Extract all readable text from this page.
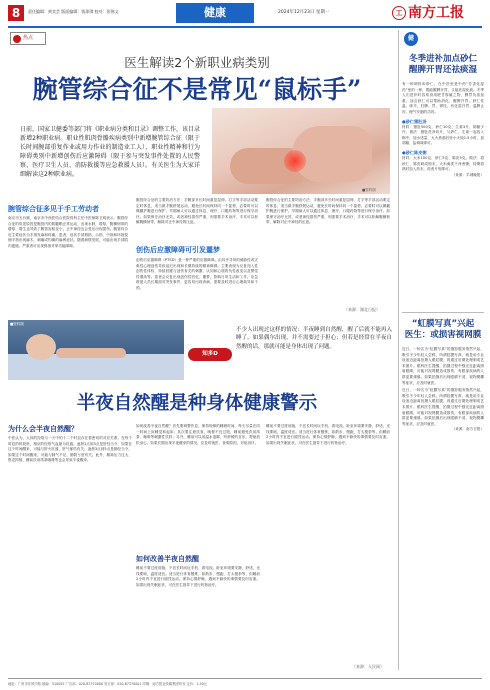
8	责任编辑：黄宾芸 版面编辑：钱琼琪 校对：张锦文	健康	2024年12月23日 星期一	工 南方工报
热点
医生解读2个新职业病类别
腕管综合征不是常见“鼠标手”
日前，国家卫健委等部门将《职业病分类和目录》调整工作，该目录新增2种职业病。职业性肌肉骨骼疾病类别中新增腕管综合征（限于长时间腕部重复作业或用力作业的制造业工人）、职业性精神和行为障碍类别中新增创伤后应激障碍（限于参与突发事件处置的人民警察、医疗卫生人员、消防救援等应急救援人员）。有关医生为大家详细解读这2种职业病。
■资料图
腕管综合征多见于手工劳动者
南京市五台颐，南京市中西医结合医院骨科主任中医师陈卫明表示，腕管综合征的常见原因是腕管内的肌腱鞘正常运动，出现水肿，增厚，腕横韧带的增厚、增生也导致了腕管容积变小，正中神经也会受压出现损伤。腕管综合征主要症状为手指发麻和疼痛，患者，症状手部拇指、示指、中指和环指桡侧半指出现麻木、刺痛或灼痛的麻痹症状。随着病情发展，可能出现手部肌肉萎缩，严重者可出现拇指对掌功能障碍。
腕管综合征的主要防治方法：手腕部多长时间重复屈伸，打字等手部活动要定时休息，适当做手腕舒展运动，避免长时间保持同一个姿势，必要时可以佩戴护腕进行保护，早期病人可以通过休息、理疗、口服药物等进行保守治疗。如果保守治疗无效，或者神经损伤严重，则需要手术治疗，手术可以松解腕横韧带，解除对正中神经的压迫。
创伤后应激障碍可引发噩梦
创伤后应激障碍（PTSD）是一种严重的应激障碍。由异乎寻常的威胁性或灾难性心理创伤导致延迟出现和长期持续的精神障碍。主要表现为反复闯入性创伤性体验、持续回避与创伤有关的刺激、认知和心境的负性改变以及警觉性增高等。患者会反复出现创伤性回忆、噩梦，影响日常生活和工作。应急救援人员长期面对突发事件，更容易出现该病，需要及时进行心理疏导和干预。
腕管综合征的主要防治方法：手腕部多长时间重复屈伸，打字等手部活动要定时休息，适当做手腕舒展运动，避免长时间保持同一个姿势，必要时可以佩戴护腕进行保护，早期病人可以通过休息、理疗、口服药物等进行保守治疗。如果保守治疗无效，或者神经损伤严重，则需要手术治疗，手术可以松解腕横韧带，解除对正中神经的压迫。
（来源：湖北日报）
■资料图
知多D
不少人出现过这样的情况：半夜睡到自然醒，醒了后就不能再入睡了。如果偶尔出现，并不需要过于担心；但若是经常在半夜自然醒的话，那就可能是身体出现了问题。
半夜自然醒是种身体健康警示
为什么会半夜自然醒？
中医认为，人体的经络与一天中的十二个时辰存在着密切的对应关系。在每个时辰的时段里，相应的经络气血最为旺盛。凌晨1点到3点是肝经当令，如果在这个时间醒来，可能与肝火旺盛、肝气郁结有关；凌晨3点到5点是肺经当令，如果这个时间醒来，可能与肺气不足、肺阴亏虚有关。此外，精神压力过大、焦虑抑郁、睡前饮用浓茶咖啡等也会导致半夜醒来。
如何改善半夜自然醒？首先要调整作息，保持规律的睡眠时间，每天尽量在同一时间上床睡觉和起床；其次要注意饮食，晚餐不宜过饱，睡前避免饮用浓茶、咖啡等刺激性饮料；另外，睡前可以用温水泡脚，听舒缓的音乐，帮助放松身心。如果长期出现半夜醒来的情况，应及时就医，查明原因，对症治疗。
如何改善半夜自然醒
睡前不要过度用脑，不宜长时间玩手机、看电视。卧室环境要安静、舒适，光线要暗，温度适宜。适当进行体育锻炼，如散步、慢跑、打太极拳等，但睡前2小时内不宜进行剧烈运动。保持心情舒畅，遇到不愉快的事情要及时宣泄。如果出现失眠症状，可在医生指导下进行药物治疗。
睡前不要过度用脑，不宜长时间玩手机、看电视。卧室环境要安静、舒适，光线要暗，温度适宜。适当进行体育锻炼，如散步、慢跑、打太极拳等，但睡前2小时内不宜进行剧烈运动。保持心情舒畅，遇到不愉快的事情要及时宣泄。如果出现失眠症状，可在医生指导下进行药物治疗。
（来源：人民网）
健
冬季进补加点砂仁
醒脾开胃还祛痰湿
有一种调料叫砂仁，在中医里是中药“芳香化湿药”里的一种，既能醒脾开胃，又能祛湿化痰。冬季人们进补时容易食用肥甘厚腻之物，脾胃负担加重，加点砂仁可以帮助消化、醒脾开胃。砂仁性温、味辛，归脾、胃、肾经，有化湿开胃、温脾止泻、理气安胎的功效。
●砂仁猪肚汤
材料：猪肚500克、砂仁10克、生姜3片、胡椒少许。做法：猪肚洗净切片，与砂仁、生姜一起放入锅中，加水适量，大火煮沸后转小火炖1.5小时，加胡椒、盐调味即可。
●砂仁陈皮粥
材料：大米100克、砂仁5克、陈皮5克。做法：将砂仁、陈皮研成细末，大米淘洗干净煮粥，待粥将熟时加入药末，再煮片刻即可。
（来源：羊城晚报）
“虹膜写真”兴起
医生：或损害视网膜
近日，一种名为“虹膜写真”的摄影服务悄然兴起，吸引不少年轻人尝鲜。所谓虹膜写真，就是用专业设备近距离拍摄人眼虹膜，再通过后期处理制成艺术照片。眼科医生提醒，拍摄过程中强光近距离照射眼睛，可能对视网膜造成损伤，有眼部疾病的人群更要谨慎。如果拍摄后出现眼睛不适、视物模糊等症状，应及时就医。
近日，一种名为“虹膜写真”的摄影服务悄然兴起，吸引不少年轻人尝鲜。所谓虹膜写真，就是用专业设备近距离拍摄人眼虹膜，再通过后期处理制成艺术照片。眼科医生提醒，拍摄过程中强光近距离照射眼睛，可能对视网膜造成损伤，有眼部疾病的人群更要谨慎。如果拍摄后出现眼睛不适、视物模糊等症状，应及时就医。
（来源：南方日报）
地址：广州市东风中路 邮编：510055 广告部：020-87370000 发行部：020-87370001 印刷：南方报业传媒集团印务 定价：1.50元
